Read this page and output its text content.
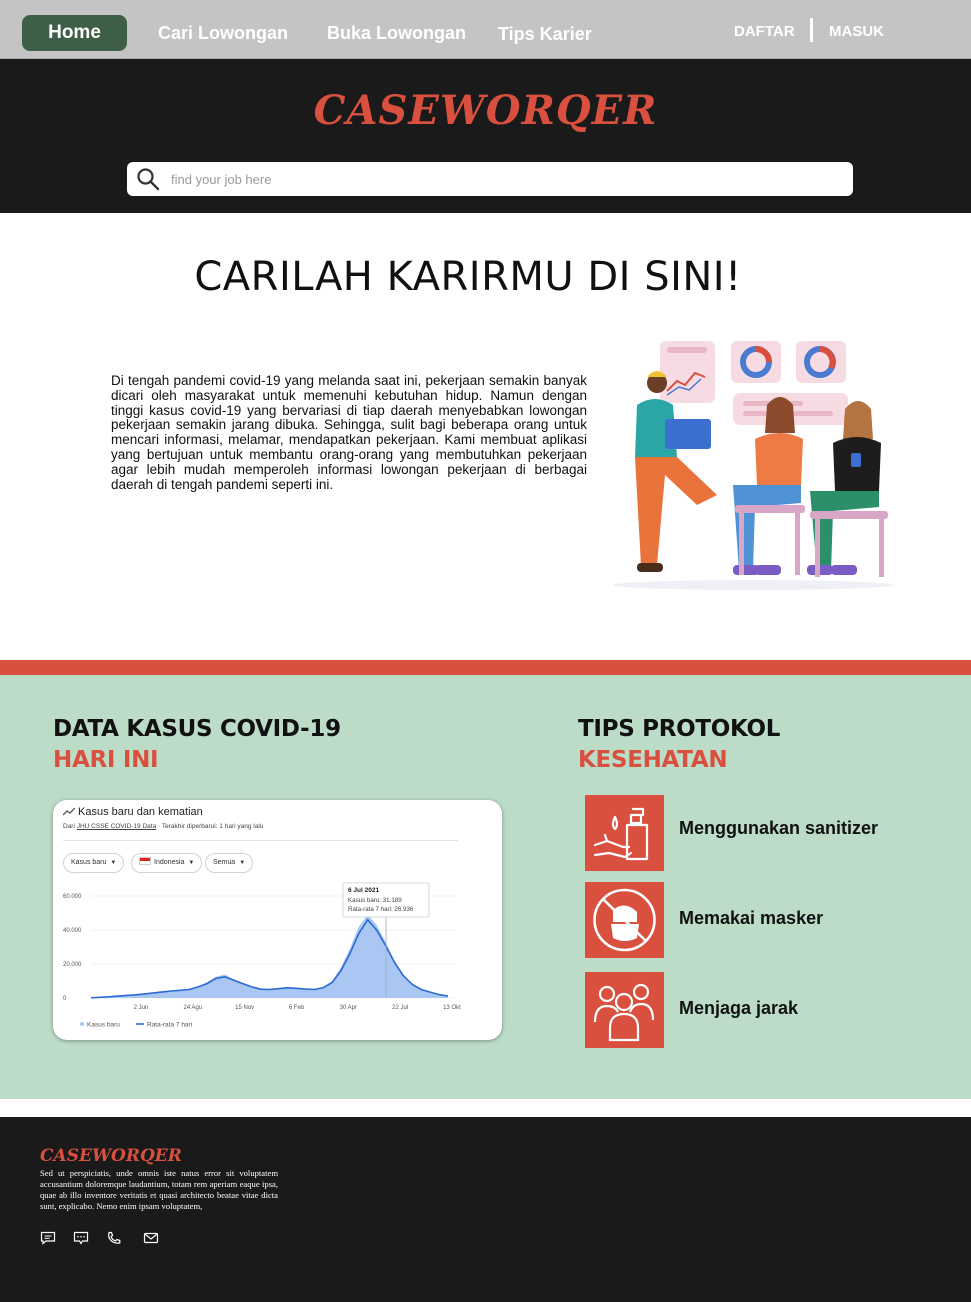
Home	Cari Lowongan Buka Lowongan Tips Karier	DAFTAR MASUK
CASEWORQER
find your job here
CARILAH KARIRMU DI SINI!
Di tengah pandemi covid-19 yang melanda saat ini, pekerjaan semakin banyak dicari oleh masyarakat untuk memenuhi kebutuhan hidup. Namun dengan tinggi kasus covid-19 yang bervariasi di tiap daerah menyebabkan lowongan pekerjaan semakin jarang dibuka. Sehingga, sulit bagi beberapa orang untuk mencari informasi, melamar, mendapatkan pekerjaan. Kami membuat aplikasi yang bertujuan untuk membantu orang-orang yang membutuhkan pekerjaan agar lebih mudah memperoleh informasi lowongan pekerjaan di berbagai daerah di tengah pandemi seperti ini.
DATA KASUS COVID-19
HARI INI
Kasus baru dan kematian
Dari JHU CSSE COVID-19 Data · Terakhir diperbarui: 1 hari yang lalu
Kasus baru ▼	Indonesia ▼	Semua ▼
0
20.000
40.000
60.000
2 Jun	24 Agu	15 Nov	6 Feb	30 Apr	22 Jul	13 Okt
6 Jul 2021
Kasus baru: 31.189
Rata-rata 7 hari: 26.936
Kasus baru	Rata-rata 7 hari
TIPS PROTOKOL
KESEHATAN
Menggunakan sanitizer
Memakai masker
Menjaga jarak
CASEWORQER
Sed ut perspiciatis, unde omnis iste natus error sit voluptatem accusantium doloremque laudantium, totam rem aperiam eaque ipsa, quae ab illo inventore veritatis et quasi architecto beatae vitae dicta sunt, explicabo. Nemo enim ipsam voluptatem,
